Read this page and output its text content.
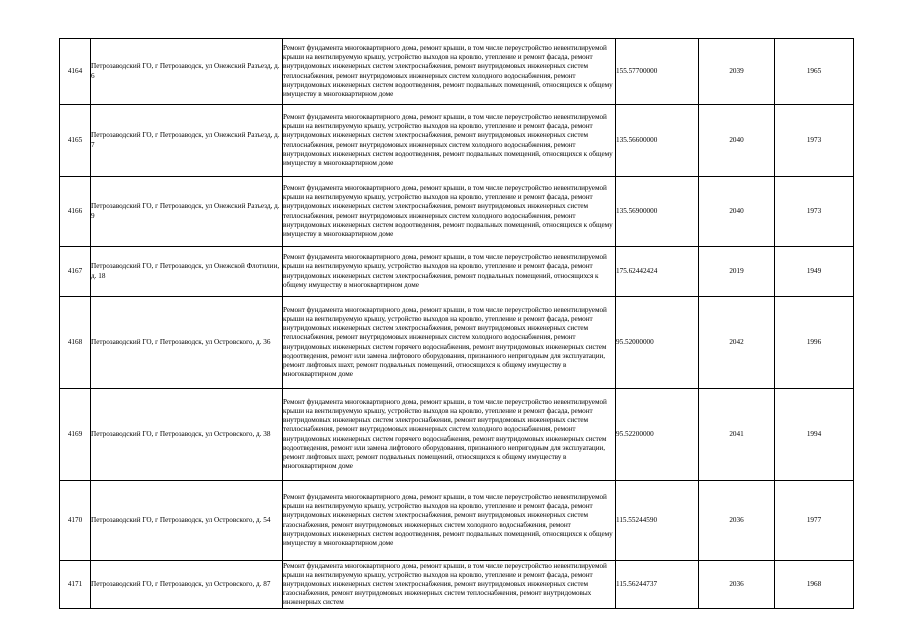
4164	Петрозаводский ГО, г Петрозаводск, ул Онежский Разъезд, д. 6	Ремонт фундамента многоквартирного дома, ремонт крыши, в том числе переустройство невентилируемой крыши на вентилируемую крышу, устройство выходов на кровлю, утепление и ремонт фасада, ремонт внутридомовых инженерных систем электроснабжения, ремонт внутридомовых инженерных систем теплоснабжения, ремонт внутридомовых инженерных систем холодного водоснабжения, ремонт внутридомовых инженерных систем водоотведения, ремонт подвальных помещений, относящихся к общему имуществу в многоквартирном доме	155.57700000	2039	1965
4165	Петрозаводский ГО, г Петрозаводск, ул Онежский Разъезд, д. 7	Ремонт фундамента многоквартирного дома, ремонт крыши, в том числе переустройство невентилируемой крыши на вентилируемую крышу, устройство выходов на кровлю, утепление и ремонт фасада, ремонт внутридомовых инженерных систем электроснабжения, ремонт внутридомовых инженерных систем теплоснабжения, ремонт внутридомовых инженерных систем холодного водоснабжения, ремонт внутридомовых инженерных систем водоотведения, ремонт подвальных помещений, относящихся к общему имуществу в многоквартирном доме	135.56600000	2040	1973
4166	Петрозаводский ГО, г Петрозаводск, ул Онежский Разъезд, д. 9	Ремонт фундамента многоквартирного дома, ремонт крыши, в том числе переустройство невентилируемой крыши на вентилируемую крышу, устройство выходов на кровлю, утепление и ремонт фасада, ремонт внутридомовых инженерных систем электроснабжения, ремонт внутридомовых инженерных систем теплоснабжения, ремонт внутридомовых инженерных систем холодного водоснабжения, ремонт внутридомовых инженерных систем водоотведения, ремонт подвальных помещений, относящихся к общему имуществу в многоквартирном доме	135.56900000	2040	1973
4167	Петрозаводский ГО, г Петрозаводск, ул Онежской Флотилии, д. 18	Ремонт фундамента многоквартирного дома, ремонт крыши, в том числе переустройство невентилируемой крыши на вентилируемую крышу, устройство выходов на кровлю, утепление и ремонт фасада, ремонт внутридомовых инженерных систем электроснабжения, ремонт подвальных помещений, относящихся к общему имуществу в многоквартирном доме	175.62442424	2019	1949
4168	Петрозаводский ГО, г Петрозаводск, ул Островского, д. 36	Ремонт фундамента многоквартирного дома, ремонт крыши, в том числе переустройство невентилируемой крыши на вентилируемую крышу, устройство выходов на кровлю, утепление и ремонт фасада, ремонт внутридомовых инженерных систем электроснабжения, ремонт внутридомовых инженерных систем теплоснабжения, ремонт внутридомовых инженерных систем холодного водоснабжения, ремонт внутридомовых инженерных систем горячего водоснабжения, ремонт внутридомовых инженерных систем водоотведения, ремонт или замена лифтового оборудования, признанного непригодным для эксплуатации, ремонт лифтовых шахт, ремонт подвальных помещений, относящихся к общему имуществу в многоквартирном доме	95.52000000	2042	1996
4169	Петрозаводский ГО, г Петрозаводск, ул Островского, д. 38	Ремонт фундамента многоквартирного дома, ремонт крыши, в том числе переустройство невентилируемой крыши на вентилируемую крышу, устройство выходов на кровлю, утепление и ремонт фасада, ремонт внутридомовых инженерных систем электроснабжения, ремонт внутридомовых инженерных систем теплоснабжения, ремонт внутридомовых инженерных систем холодного водоснабжения, ремонт внутридомовых инженерных систем горячего водоснабжения, ремонт внутридомовых инженерных систем водоотведения, ремонт или замена лифтового оборудования, признанного непригодным для эксплуатации, ремонт лифтовых шахт, ремонт подвальных помещений, относящихся к общему имуществу в многоквартирном доме	95.52200000	2041	1994
4170	Петрозаводский ГО, г Петрозаводск, ул Островского, д. 54	Ремонт фундамента многоквартирного дома, ремонт крыши, в том числе переустройство невентилируемой крыши на вентилируемую крышу, устройство выходов на кровлю, утепление и ремонт фасада, ремонт внутридомовых инженерных систем электроснабжения, ремонт внутридомовых инженерных систем газоснабжения, ремонт внутридомовых инженерных систем холодного водоснабжения, ремонт внутридомовых инженерных систем водоотведения, ремонт подвальных помещений, относящихся к общему имуществу в многоквартирном доме	115.55244590	2036	1977
4171	Петрозаводский ГО, г Петрозаводск, ул Островского, д. 87	Ремонт фундамента многоквартирного дома, ремонт крыши, в том числе переустройство невентилируемой крыши на вентилируемую крышу, устройство выходов на кровлю, утепление и ремонт фасада, ремонт внутридомовых инженерных систем электроснабжения, ремонт внутридомовых инженерных систем газоснабжения, ремонт внутридомовых инженерных систем теплоснабжения, ремонт внутридомовых инженерных систем	115.56244737	2036	1968
